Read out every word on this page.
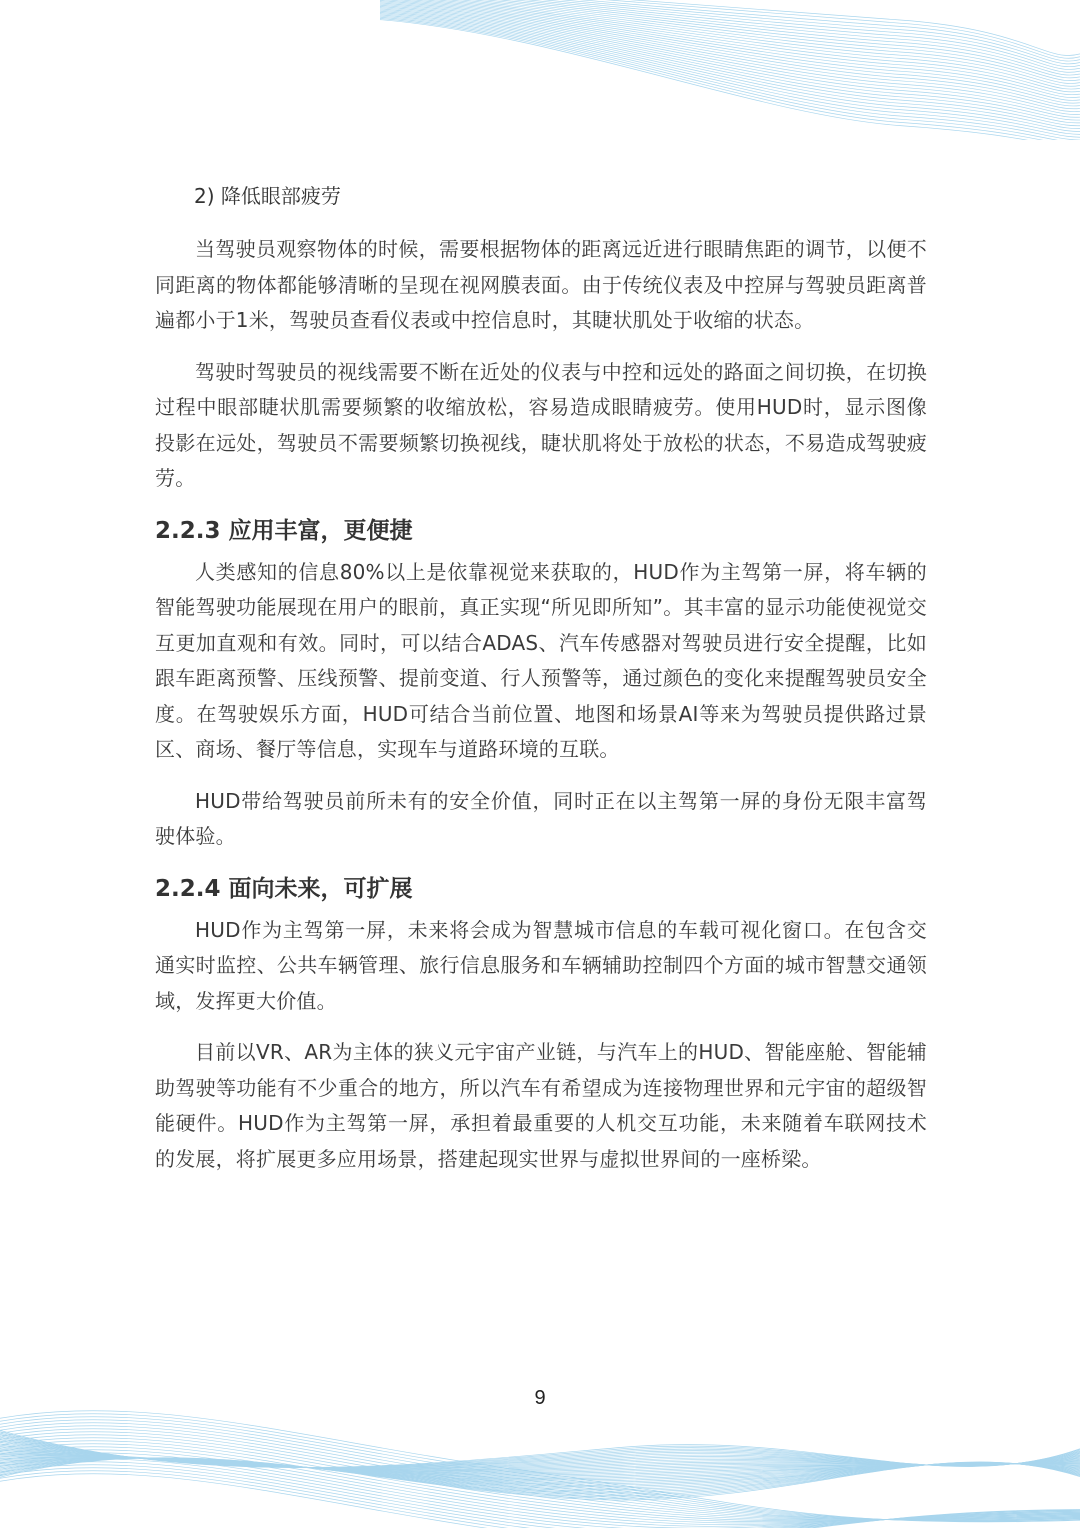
2) 降低眼部疲劳

当驾驶员观察物体的时候，需要根据物体的距离远近进行眼睛焦距的调节，以便不同距离的物体都能够清晰的呈现在视网膜表面。由于传统仪表及中控屏与驾驶员距离普遍都小于1米，驾驶员查看仪表或中控信息时，其睫状肌处于收缩的状态。

驾驶时驾驶员的视线需要不断在近处的仪表与中控和远处的路面之间切换，在切换过程中眼部睫状肌需要频繁的收缩放松，容易造成眼睛疲劳。使用HUD时，显示图像投影在远处，驾驶员不需要频繁切换视线，睫状肌将处于放松的状态，不易造成驾驶疲劳。

2.2.3 应用丰富，更便捷

人类感知的信息80%以上是依靠视觉来获取的，HUD作为主驾第一屏，将车辆的智能驾驶功能展现在用户的眼前，真正实现“所见即所知”。其丰富的显示功能使视觉交互更加直观和有效。同时，可以结合ADAS、汽车传感器对驾驶员进行安全提醒，比如跟车距离预警、压线预警、提前变道、行人预警等，通过颜色的变化来提醒驾驶员安全度。在驾驶娱乐方面，HUD可结合当前位置、地图和场景AI等来为驾驶员提供路过景区、商场、餐厅等信息，实现车与道路环境的互联。

HUD带给驾驶员前所未有的安全价值，同时正在以主驾第一屏的身份无限丰富驾驶体验。

2.2.4 面向未来，可扩展

HUD作为主驾第一屏，未来将会成为智慧城市信息的车载可视化窗口。在包含交通实时监控、公共车辆管理、旅行信息服务和车辆辅助控制四个方面的城市智慧交通领域，发挥更大价值。

目前以VR、AR为主体的狭义元宇宙产业链，与汽车上的HUD、智能座舱、智能辅助驾驶等功能有不少重合的地方，所以汽车有希望成为连接物理世界和元宇宙的超级智能硬件。HUD作为主驾第一屏，承担着最重要的人机交互功能，未来随着车联网技术的发展，将扩展更多应用场景，搭建起现实世界与虚拟世界间的一座桥梁。

9
